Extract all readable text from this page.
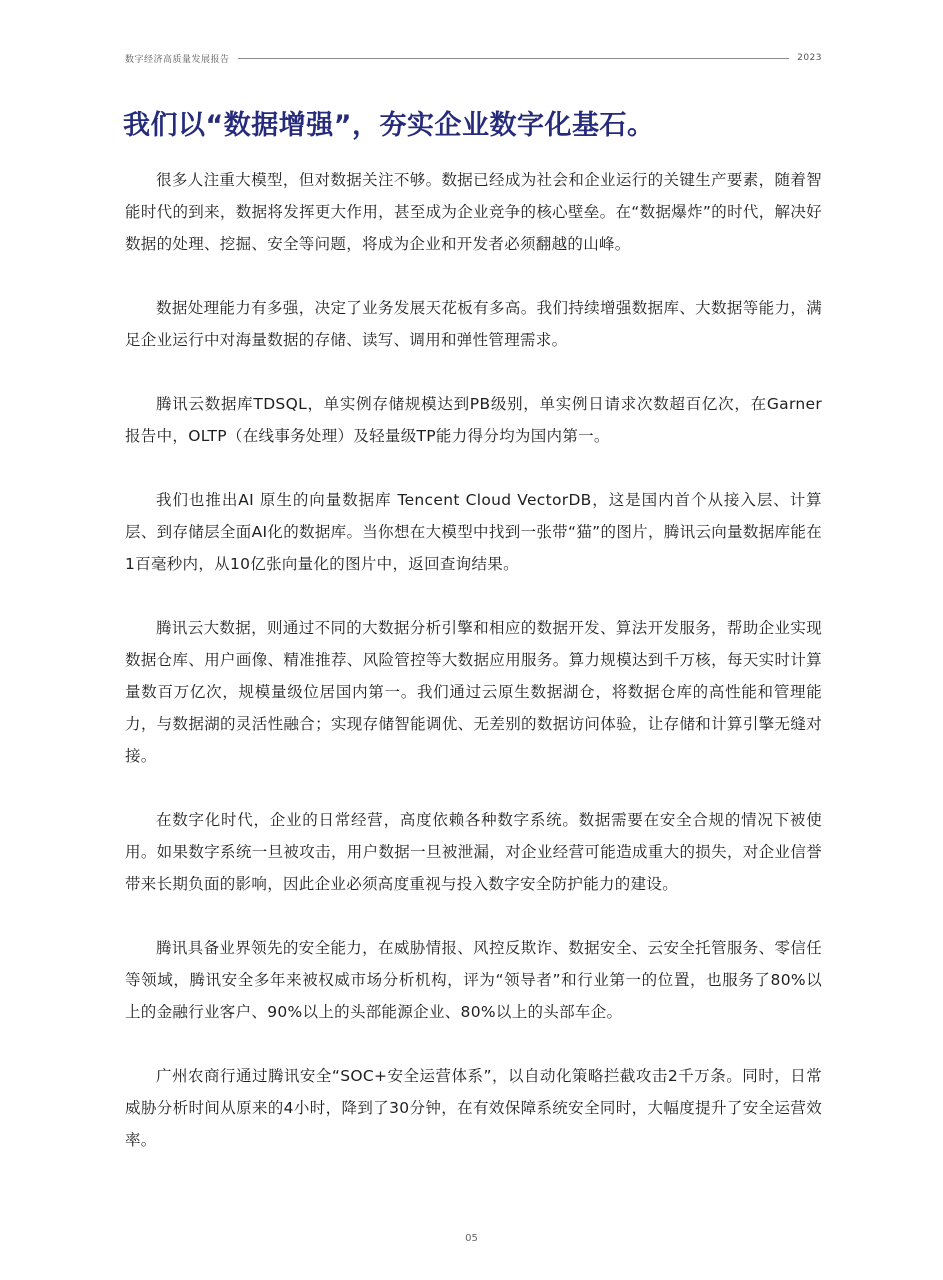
数字经济高质量发展报告	2023
我们以“数据增强”，夯实企业数字化基石。

很多人注重大模型，但对数据关注不够。数据已经成为社会和企业运行的关键生产要素，随着智能时代的到来，数据将发挥更大作用，甚至成为企业竞争的核心壁垒。在“数据爆炸”的时代，解决好数据的处理、挖掘、安全等问题，将成为企业和开发者必须翻越的山峰。

数据处理能力有多强，决定了业务发展天花板有多高。我们持续增强数据库、大数据等能力，满足企业运行中对海量数据的存储、读写、调用和弹性管理需求。

腾讯云数据库TDSQL，单实例存储规模达到PB级别，单实例日请求次数超百亿次，在Garner报告中，OLTP（在线事务处理）及轻量级TP能力得分均为国内第一。

我们也推出AI 原生的向量数据库 Tencent Cloud VectorDB，这是国内首个从接入层、计算层、到存储层全面AI化的数据库。当你想在大模型中找到一张带“猫”的图片，腾讯云向量数据库能在1百毫秒内，从10亿张向量化的图片中，返回查询结果。

腾讯云大数据，则通过不同的大数据分析引擎和相应的数据开发、算法开发服务，帮助企业实现数据仓库、用户画像、精准推荐、风险管控等大数据应用服务。算力规模达到千万核，每天实时计算量数百万亿次，规模量级位居国内第一。我们通过云原生数据湖仓，将数据仓库的高性能和管理能力，与数据湖的灵活性融合；实现存储智能调优、无差别的数据访问体验，让存储和计算引擎无缝对接。

在数字化时代，企业的日常经营，高度依赖各种数字系统。数据需要在安全合规的情况下被使用。如果数字系统一旦被攻击，用户数据一旦被泄漏，对企业经营可能造成重大的损失，对企业信誉带来长期负面的影响，因此企业必须高度重视与投入数字安全防护能力的建设。

腾讯具备业界领先的安全能力，在威胁情报、风控反欺诈、数据安全、云安全托管服务、零信任等领域，腾讯安全多年来被权威市场分析机构，评为“领导者”和行业第一的位置，也服务了80%以上的金融行业客户、90%以上的头部能源企业、80%以上的头部车企。

广州农商行通过腾讯安全“SOC+安全运营体系”，以自动化策略拦截攻击2千万条。同时，日常威胁分析时间从原来的4小时，降到了30分钟，在有效保障系统安全同时，大幅度提升了安全运营效率。

05
